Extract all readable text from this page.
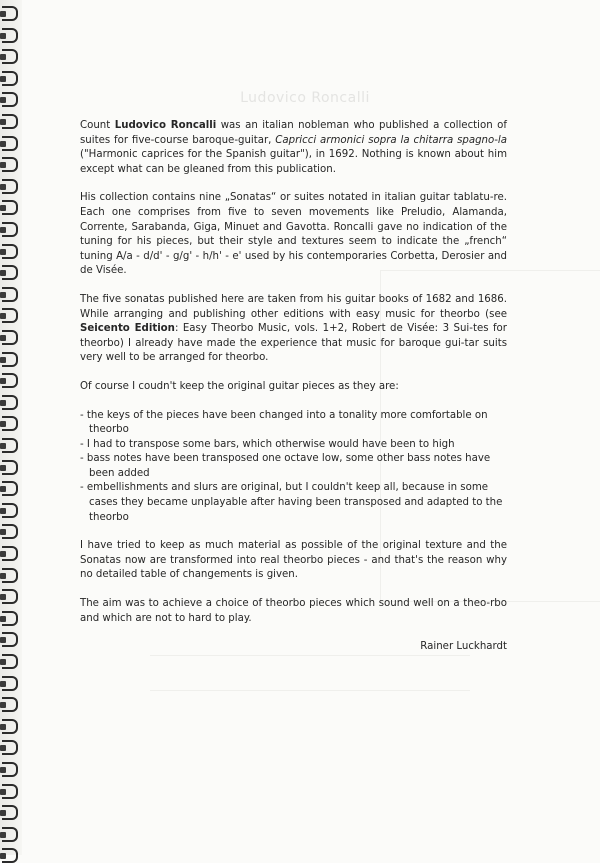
Ludovico Roncalli

Count Ludovico Roncalli was an italian nobleman who published a collection of suites for five-course baroque-guitar, Capricci armonici sopra la chitarra spagno-la ("Harmonic caprices for the Spanish guitar"), in 1692. Nothing is known about him except what can be gleaned from this publication.

His collection contains nine „Sonatas“ or suites notated in italian guitar tablatu-re. Each one comprises from five to seven movements like Preludio, Alamanda, Corrente, Sarabanda, Giga, Minuet and Gavotta. Roncalli gave no indication of the tuning for his pieces, but their style and textures seem to indicate the „french“ tuning A/a - d/d' - g/g' - h/h' - e' used by his contemporaries Corbetta, Derosier and de Visée.

The five sonatas published here are taken from his guitar books of 1682 and 1686. While arranging and publishing other editions with easy music for theorbo (see Seicento Edition: Easy Theorbo Music, vols. 1+2, Robert de Visée: 3 Sui-tes for theorbo) I already have made the experience that music for baroque gui-tar suits very well to be arranged for theorbo.

Of course I coudn't keep the original guitar pieces as they are:

- the keys of the pieces have been changed into a tonality more comfortable on theorbo
- I had to transpose some bars, which otherwise would have been to high
- bass notes have been transposed one octave low, some other bass notes have been added
- embellishments and slurs are original, but I couldn't keep all, because in some cases they became unplayable after having been transposed and adapted to the theorbo

I have tried to keep as much material as possible of the original texture and the Sonatas now are transformed into real theorbo pieces - and that's the reason why no detailed table of changements is given.

The aim was to achieve a choice of theorbo pieces which sound well on a theo-rbo and which are not to hard to play.

Rainer Luckhardt
